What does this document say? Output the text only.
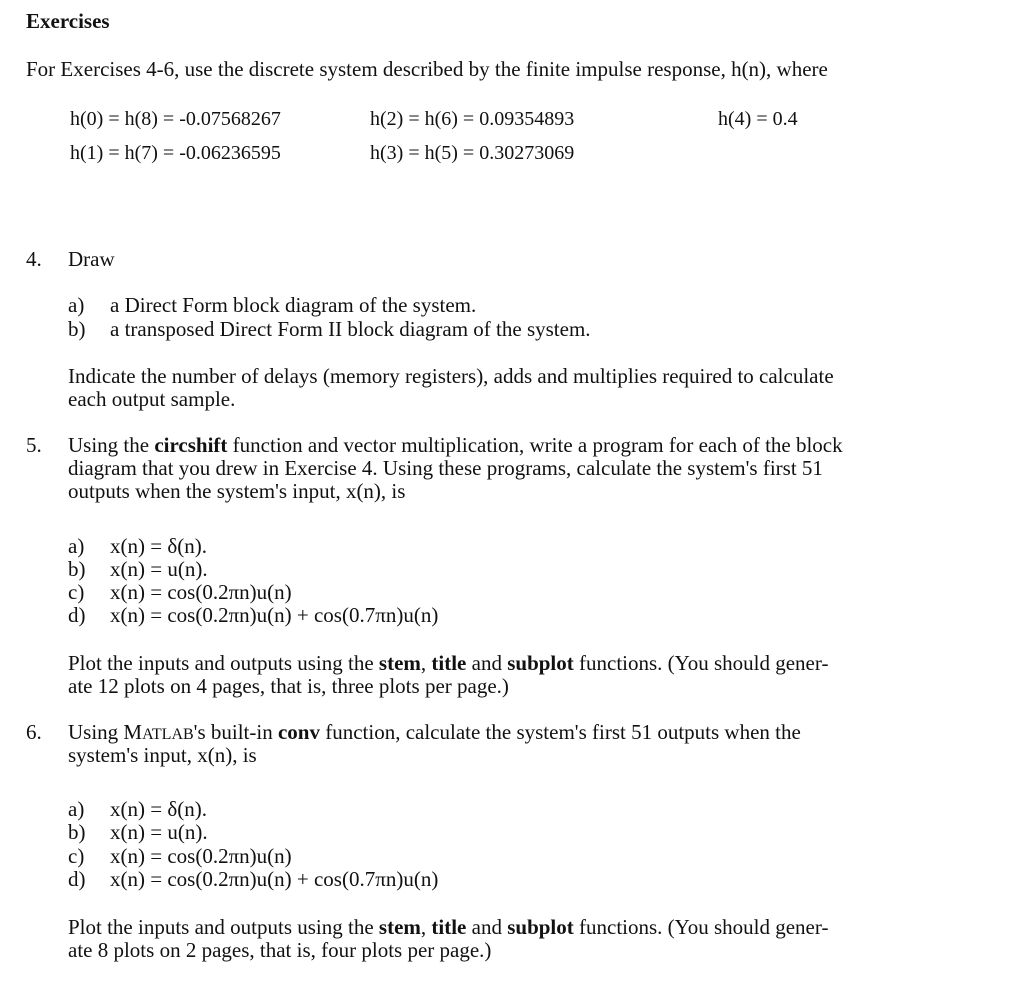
Exercises
For Exercises 4-6, use the discrete system described by the finite impulse response, h(n), where
h(0) = h(8) = -0.07568267	h(2) = h(6) = 0.09354893	h(4) = 0.4
h(1) = h(7) = -0.06236595	h(3) = h(5) = 0.30273069
4. Draw
a) a Direct Form block diagram of the system.
b) a transposed Direct Form II block diagram of the system.
Indicate the number of delays (memory registers), adds and multiplies required to calculate
each output sample.
5. Using the circshift function and vector multiplication, write a program for each of the block
diagram that you drew in Exercise 4. Using these programs, calculate the system's first 51
outputs when the system's input, x(n), is
a) x(n) = δ(n).
b) x(n) = u(n).
c) x(n) = cos(0.2πn)u(n)
d) x(n) = cos(0.2πn)u(n) + cos(0.7πn)u(n)
Plot the inputs and outputs using the stem, title and subplot functions. (You should gener-
ate 12 plots on 4 pages, that is, three plots per page.)
6. Using MATLAB's built-in conv function, calculate the system's first 51 outputs when the
system's input, x(n), is
a) x(n) = δ(n).
b) x(n) = u(n).
c) x(n) = cos(0.2πn)u(n)
d) x(n) = cos(0.2πn)u(n) + cos(0.7πn)u(n)
Plot the inputs and outputs using the stem, title and subplot functions. (You should gener-
ate 8 plots on 2 pages, that is, four plots per page.)
